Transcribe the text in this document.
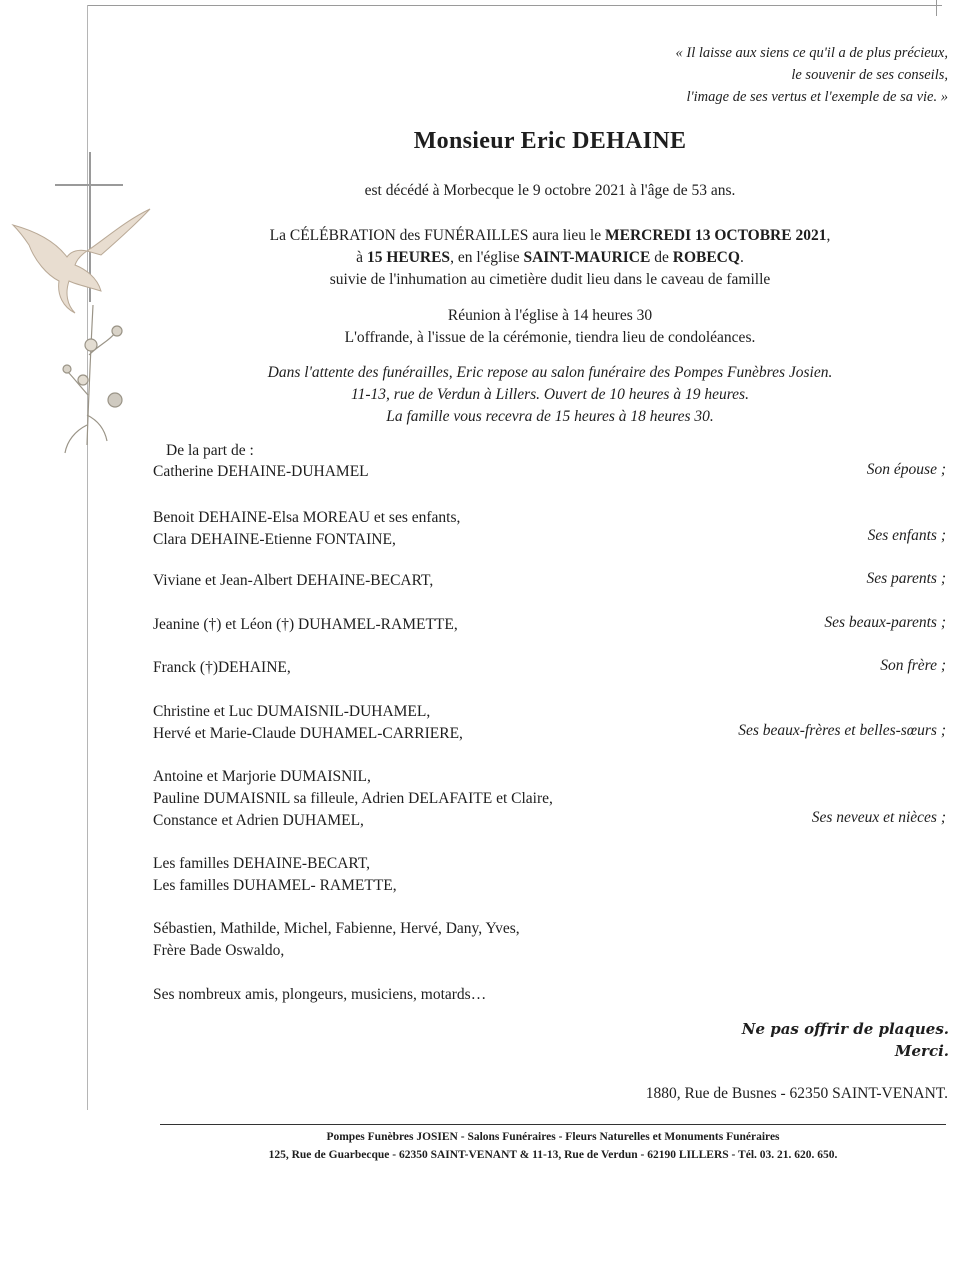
« Il laisse aux siens ce qu'il a de plus précieux,
le souvenir de ses conseils,
l'image de ses vertus et l'exemple de sa vie. »
Monsieur Eric DEHAINE
est décédé à Morbecque le 9 octobre 2021 à l'âge de 53 ans.
La CÉLÉBRATION des FUNÉRAILLES aura lieu le MERCREDI 13 OCTOBRE 2021,
à 15 HEURES, en l'église SAINT-MAURICE de ROBECQ.
suivie de l'inhumation au cimetière dudit lieu dans le caveau de famille
Réunion à l'église à 14 heures 30
L'offrande, à l'issue de la cérémonie, tiendra lieu de condoléances.
Dans l'attente des funérailles, Eric repose au salon funéraire des Pompes Funèbres Josien.
11-13, rue de Verdun à Lillers. Ouvert de 10 heures à 19 heures.
La famille vous recevra de 15 heures à 18 heures 30.
De la part de :
Catherine DEHAINE-DUHAMEL	Son épouse ;
Benoit DEHAINE-Elsa MOREAU et ses enfants,
Clara DEHAINE-Etienne FONTAINE,	Ses enfants ;
Viviane et Jean-Albert DEHAINE-BECART,	Ses parents ;
Jeanine (†) et Léon (†) DUHAMEL-RAMETTE,	Ses beaux-parents ;
Franck (†)DEHAINE,	Son frère ;
Christine et Luc DUMAISNIL-DUHAMEL,
Hervé et Marie-Claude DUHAMEL-CARRIERE,	Ses beaux-frères et belles-sœurs ;
Antoine et Marjorie DUMAISNIL,
Pauline DUMAISNIL sa filleule, Adrien DELAFAITE et Claire,
Constance et Adrien DUHAMEL,	Ses neveux et nièces ;
Les familles DEHAINE-BECART,
Les familles DUHAMEL- RAMETTE,
Sébastien, Mathilde, Michel, Fabienne, Hervé, Dany, Yves,
Frère Bade Oswaldo,
Ses nombreux amis, plongeurs, musiciens, motards…
Ne pas offrir de plaques.
Merci.
1880, Rue de Busnes - 62350 SAINT-VENANT.
Pompes Funèbres JOSIEN - Salons Funéraires - Fleurs Naturelles et Monuments Funéraires
125, Rue de Guarbecque - 62350 SAINT-VENANT & 11-13, Rue de Verdun - 62190 LILLERS - Tél. 03. 21. 620. 650.
